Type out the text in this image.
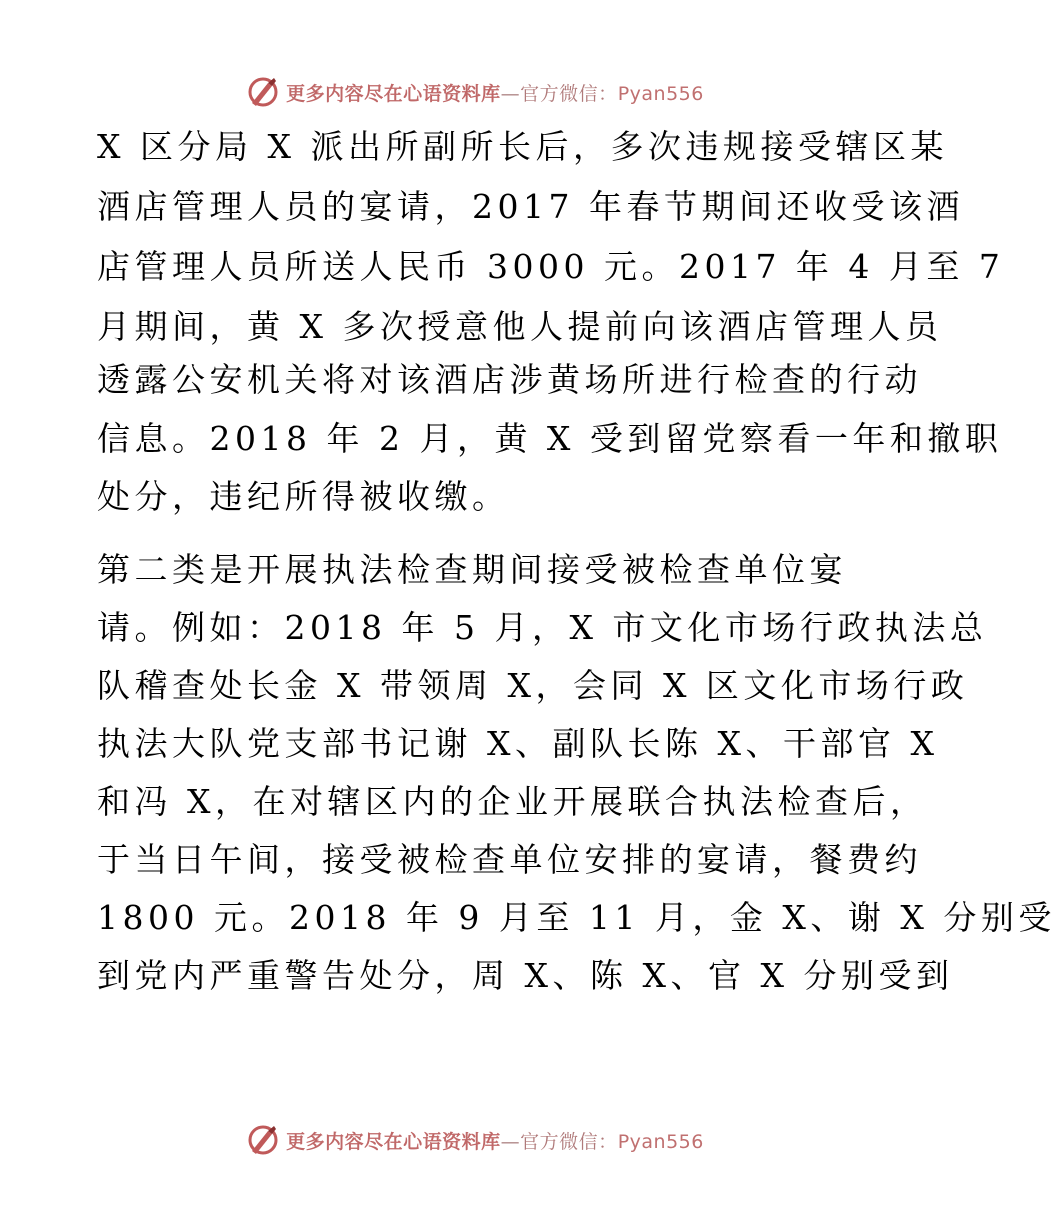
更多内容尽在心语资料库—官方微信：Pyan556
X 区分局 X 派出所副所长后，多次违规接受辖区某
酒店管理人员的宴请，2017 年春节期间还收受该酒
店管理人员所送人民币 3000 元。2017 年 4 月至 7
月期间，黄 X 多次授意他人提前向该酒店管理人员
透露公安机关将对该酒店涉黄场所进行检查的行动
信息。2018 年 2 月，黄 X 受到留党察看一年和撤职
处分，违纪所得被收缴。
第二类是开展执法检查期间接受被检查单位宴
请。例如：2018 年 5 月，X 市文化市场行政执法总
队稽查处长金 X 带领周 X，会同 X 区文化市场行政
执法大队党支部书记谢 X、副队长陈 X、干部官 X
和冯 X，在对辖区内的企业开展联合执法检查后，
于当日午间，接受被检查单位安排的宴请，餐费约
1800 元。2018 年 9 月至 11 月，金 X、谢 X 分别受
到党内严重警告处分，周 X、陈 X、官 X 分别受到
更多内容尽在心语资料库—官方微信：Pyan556
